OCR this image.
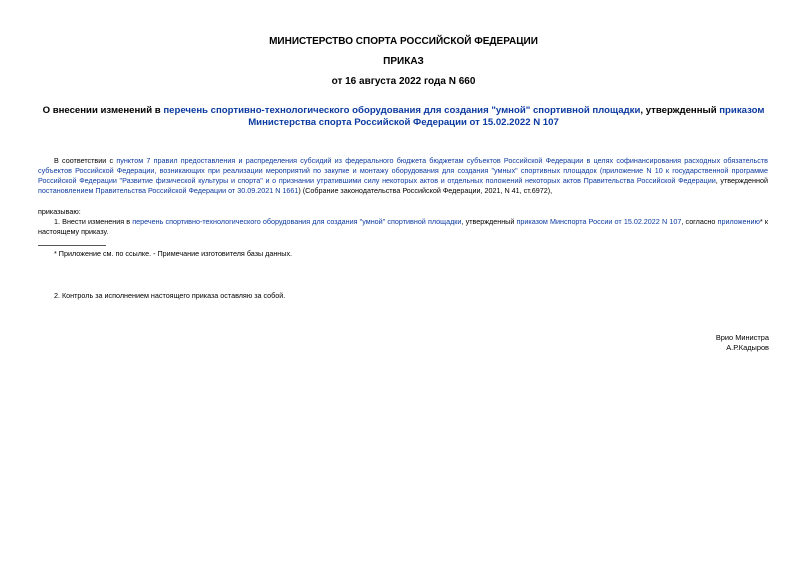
МИНИСТЕРСТВО СПОРТА РОССИЙСКОЙ ФЕДЕРАЦИИ
ПРИКАЗ
от 16 августа 2022 года N 660
О внесении изменений в перечень спортивно-технологического оборудования для создания "умной" спортивной площадки, утвержденный приказом
Министерства спорта Российской Федерации от 15.02.2022 N 107
В соответствии с пунктом 7 правил предоставления и распределения субсидий из федерального бюджета бюджетам субъектов Российской Федерации в целях софинансирования расходных обязательств субъектов Российской Федерации, возникающих при реализации мероприятий по закупке и монтажу оборудования для создания "умных" спортивных площадок (приложение N 10 к государственной программе Российской Федерации "Развитие физической культуры и спорта" и о признании утратившими силу некоторых актов и отдельных положений некоторых актов Правительства Российской Федерации, утвержденной постановлением Правительства Российской Федерации от 30.09.2021 N 1661) (Собрание законодательства Российской Федерации, 2021, N 41, ст.6972),
приказываю:
1. Внести изменения в перечень спортивно-технологического оборудования для создания "умной" спортивной площадки, утвержденный приказом Минспорта России от 15.02.2022 N 107, согласно приложению* к настоящему приказу.
* Приложение см. по ссылке. - Примечание изготовителя базы данных.
2. Контроль за исполнением настоящего приказа оставляю за собой.
Врио Министра
А.Р.Кадыров
